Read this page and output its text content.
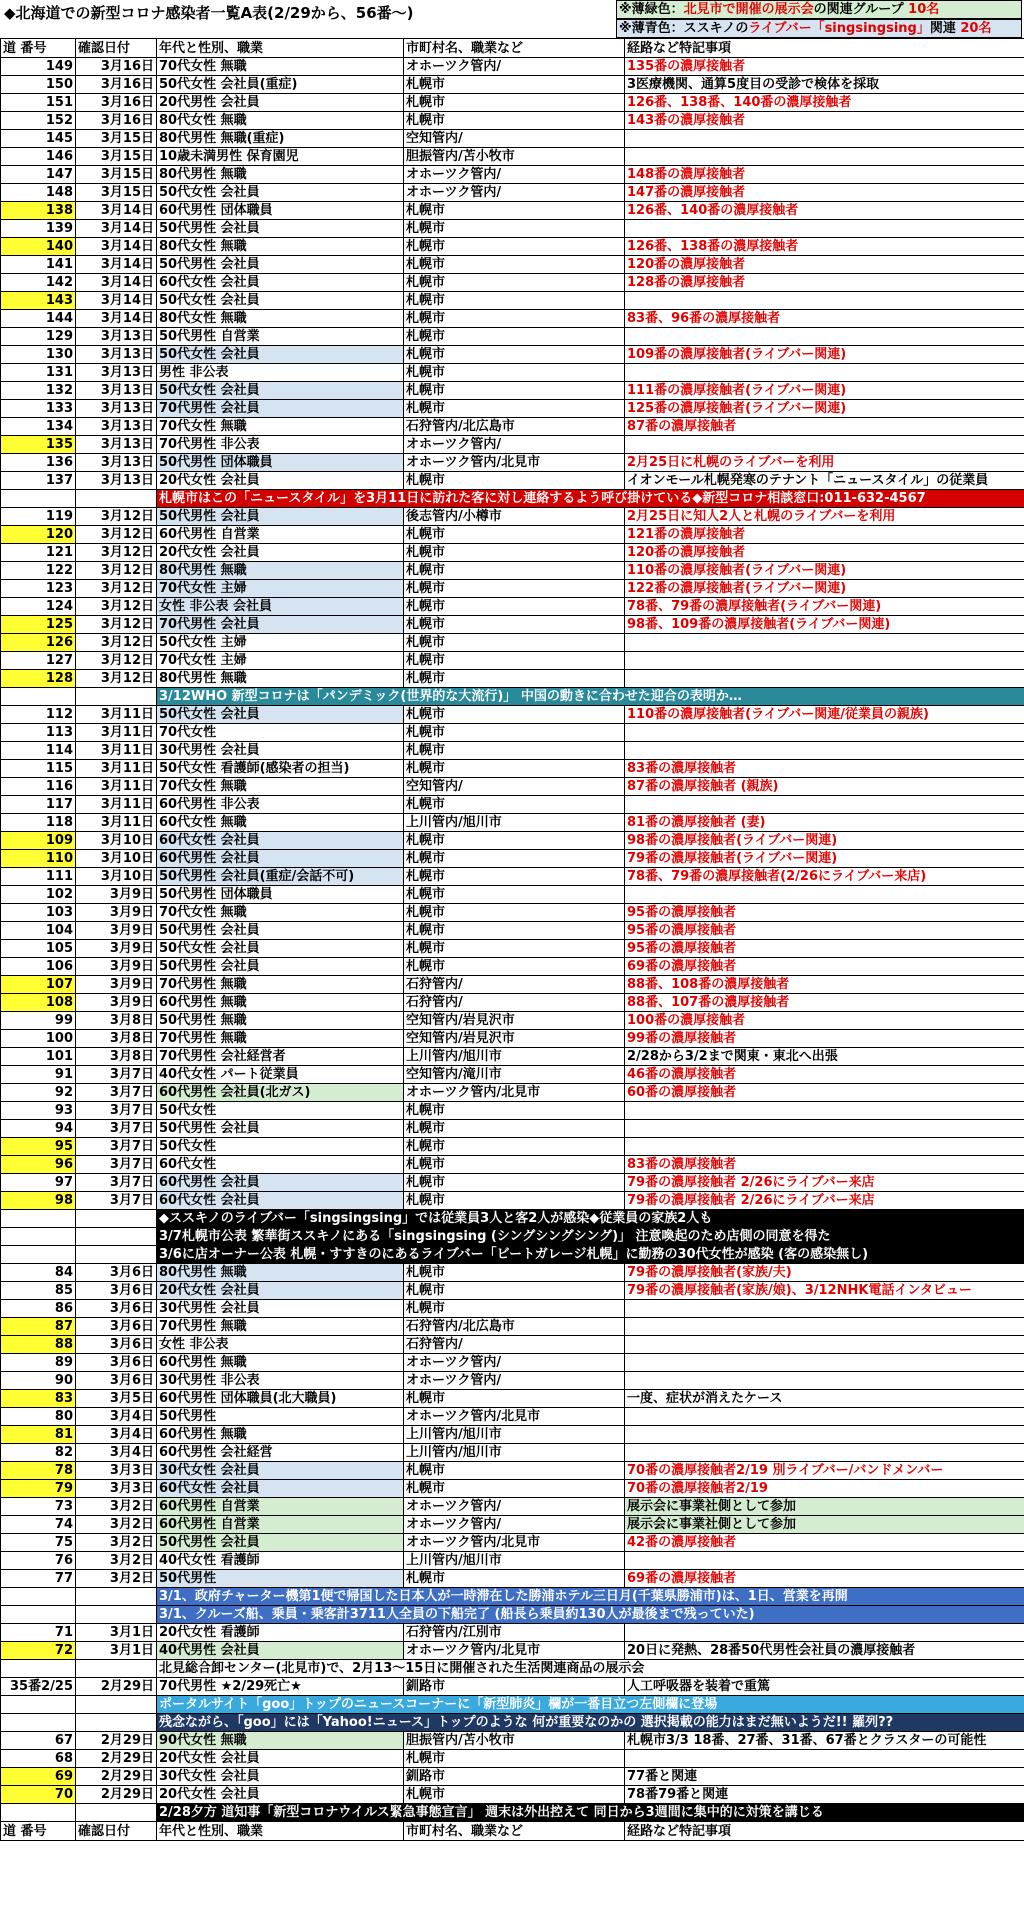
◆北海道での新型コロナ感染者一覧A表(2/29から、56番～)	※薄緑色：北見市で開催の展示会の関連グループ 10名
※薄青色：ススキノのライブバー「singsingsing」関連 20名
道 番号	確認日付	年代と性別、職業	市町村名、職業など	経路など特記事項
149	3月16日	70代女性 無職	オホーツク管内/	135番の濃厚接触者
150	3月16日	50代女性 会社員(重症)	札幌市	3医療機関、通算5度目の受診で検体を採取
151	3月16日	20代男性 会社員	札幌市	126番、138番、140番の濃厚接触者
152	3月16日	80代女性 無職	札幌市	143番の濃厚接触者
145	3月15日	80代男性 無職(重症)	空知管内/	
146	3月15日	10歳未満男性 保育園児	胆振管内/苫小牧市	
147	3月15日	80代男性 無職	オホーツク管内/	148番の濃厚接触者
148	3月15日	50代女性 会社員	オホーツク管内/	147番の濃厚接触者
138	3月14日	60代男性 団体職員	札幌市	126番、140番の濃厚接触者
139	3月14日	50代男性 会社員	札幌市	
140	3月14日	80代女性 無職	札幌市	126番、138番の濃厚接触者
141	3月14日	50代男性 会社員	札幌市	120番の濃厚接触者
142	3月14日	60代女性 会社員	札幌市	128番の濃厚接触者
143	3月14日	50代女性 会社員	札幌市	
144	3月14日	80代女性 無職	札幌市	83番、96番の濃厚接触者
129	3月13日	50代男性 自営業	札幌市	
130	3月13日	50代女性 会社員	札幌市	109番の濃厚接触者(ライブバー関連)
131	3月13日	男性 非公表	札幌市	
132	3月13日	50代女性 会社員	札幌市	111番の濃厚接触者(ライブバー関連)
133	3月13日	70代男性 会社員	札幌市	125番の濃厚接触者(ライブバー関連)
134	3月13日	70代女性 無職	石狩管内/北広島市	87番の濃厚接触者
135	3月13日	70代男性 非公表	オホーツク管内/	
136	3月13日	50代男性 団体職員	オホーツク管内/北見市	2月25日に札幌のライブバーを利用
137	3月13日	20代女性 会社員	札幌市	イオンモール札幌発寒のテナント「ニュースタイル」の従業員
		札幌市はこの「ニュースタイル」を3月11日に訪れた客に対し連絡するよう呼び掛けている◆新型コロナ相談窓口:011-632-4567		
119	3月12日	50代男性 会社員	後志管内/小樽市	2月25日に知人2人と札幌のライブバーを利用
120	3月12日	60代男性 自営業	札幌市	121番の濃厚接触者
121	3月12日	20代女性 会社員	札幌市	120番の濃厚接触者
122	3月12日	80代男性 無職	札幌市	110番の濃厚接触者(ライブバー関連)
123	3月12日	70代女性 主婦	札幌市	122番の濃厚接触者(ライブバー関連)
124	3月12日	女性 非公表 会社員	札幌市	78番、79番の濃厚接触者(ライブバー関連)
125	3月12日	70代男性 会社員	札幌市	98番、109番の濃厚接触者(ライブバー関連)
126	3月12日	50代女性 主婦	札幌市	
127	3月12日	70代女性 主婦	札幌市	
128	3月12日	80代男性 無職	札幌市	
		3/12WHO 新型コロナは「パンデミック(世界的な大流行)」 中国の動きに合わせた迎合の表明か…		
112	3月11日	50代女性 会社員	札幌市	110番の濃厚接触者(ライブバー関連/従業員の親族)
113	3月11日	70代女性	札幌市	
114	3月11日	30代男性 会社員	札幌市	
115	3月11日	50代女性 看護師(感染者の担当)	札幌市	83番の濃厚接触者
116	3月11日	70代女性 無職	空知管内/	87番の濃厚接触者 (親族)
117	3月11日	60代男性 非公表	札幌市	
118	3月11日	60代女性 無職	上川管内/旭川市	81番の濃厚接触者 (妻)
109	3月10日	60代女性 会社員	札幌市	98番の濃厚接触者(ライブバー関連)
110	3月10日	60代男性 会社員	札幌市	79番の濃厚接触者(ライブバー関連)
111	3月10日	50代男性 会社員(重症/会話不可)	札幌市	78番、79番の濃厚接触者(2/26にライブバー来店)
102	3月9日	50代男性 団体職員	札幌市	
103	3月9日	70代女性 無職	札幌市	95番の濃厚接触者
104	3月9日	50代男性 会社員	札幌市	95番の濃厚接触者
105	3月9日	50代女性 会社員	札幌市	95番の濃厚接触者
106	3月9日	50代男性 会社員	札幌市	69番の濃厚接触者
107	3月9日	70代男性 無職	石狩管内/	88番、108番の濃厚接触者
108	3月9日	60代男性 無職	石狩管内/	88番、107番の濃厚接触者
99	3月8日	50代男性 無職	空知管内/岩見沢市	100番の濃厚接触者
100	3月8日	70代男性 無職	空知管内/岩見沢市	99番の濃厚接触者
101	3月8日	70代男性 会社経営者	上川管内/旭川市	2/28から3/2まで関東・東北へ出張
91	3月7日	40代女性 パート従業員	空知管内/滝川市	46番の濃厚接触者
92	3月7日	60代男性 会社員(北ガス)	オホーツク管内/北見市	60番の濃厚接触者
93	3月7日	50代女性	札幌市	
94	3月7日	50代男性 会社員	札幌市	
95	3月7日	50代女性	札幌市	
96	3月7日	60代女性	札幌市	83番の濃厚接触者
97	3月7日	60代男性 会社員	札幌市	79番の濃厚接触者 2/26にライブバー来店
98	3月7日	60代女性 会社員	札幌市	79番の濃厚接触者 2/26にライブバー来店
		◆ススキノのライブバー「singsingsing」では従業員3人と客2人が感染◆従業員の家族2人も		
		3/7札幌市公表 繁華街ススキノにある「singsingsing (シングシングシング)」 注意喚起のため店側の同意を得た		
		3/6に店オーナー公表 札幌・すすきのにあるライブバー「ビートガレージ札幌」に勤務の30代女性が感染 (客の感染無し)		
84	3月6日	80代男性 無職	札幌市	79番の濃厚接触者(家族/夫)
85	3月6日	20代女性 会社員	札幌市	79番の濃厚接触者(家族/娘)、3/12NHK電話インタビュー
86	3月6日	30代男性 会社員	札幌市	
87	3月6日	70代男性 無職	石狩管内/北広島市	
88	3月6日	女性 非公表	石狩管内/	
89	3月6日	60代男性 無職	オホーツク管内/	
90	3月6日	30代男性 非公表	オホーツク管内/	
83	3月5日	60代男性 団体職員(北大職員)	札幌市	一度、症状が消えたケース
80	3月4日	50代男性	オホーツク管内/北見市	
81	3月4日	60代男性 無職	上川管内/旭川市	
82	3月4日	60代男性 会社経営	上川管内/旭川市	
78	3月3日	30代女性 会社員	札幌市	70番の濃厚接触者2/19 別ライブバー/バンドメンバー
79	3月3日	60代女性 会社員	札幌市	70番の濃厚接触者2/19
73	3月2日	60代男性 自営業	オホーツク管内/	展示会に事業社側として参加
74	3月2日	60代男性 自営業	オホーツク管内/	展示会に事業社側として参加
75	3月2日	50代男性 会社員	オホーツク管内/北見市	42番の濃厚接触者
76	3月2日	40代女性 看護師	上川管内/旭川市	
77	3月2日	50代男性	札幌市	69番の濃厚接触者
		3/1、政府チャーター機第1便で帰国した日本人が一時滞在した勝浦ホテル三日月(千葉県勝浦市)は、1日、営業を再開		
		3/1、クルーズ船、乗員・乗客計3711人全員の下船完了 (船長ら乗員約130人が最後まで残っていた)		
71	3月1日	20代女性 看護師	石狩管内/江別市	
72	3月1日	40代男性 会社員	オホーツク管内/北見市	20日に発熱、28番50代男性会社員の濃厚接触者
		北見総合卸センター(北見市)で、2月13～15日に開催された生活関連商品の展示会		
35番2/25	2月29日	70代男性 ★2/29死亡★	釧路市	人工呼吸器を装着で重篤
		ポータルサイト「goo」トップのニュースコーナーに「新型肺炎」欄が一番目立つ左側欄に登場		
		残念ながら、「goo」には「Yahoo!ニュース」トップのような 何が重要なのかの 選択掲載の能力はまだ無いようだ!! 羅列??		
67	2月29日	90代女性 無職	胆振管内/苫小牧市	札幌市3/3 18番、27番、31番、67番とクラスターの可能性
68	2月29日	20代女性 会社員	札幌市	
69	2月29日	30代女性 会社員	釧路市	77番と関連
70	2月29日	20代女性 会社員	札幌市	78番79番と関連
		2/28夕方 道知事「新型コロナウイルス緊急事態宣言」 週末は外出控えて 同日から3週間に集中的に対策を講じる		
道 番号	確認日付	年代と性別、職業	市町村名、職業など	経路など特記事項
